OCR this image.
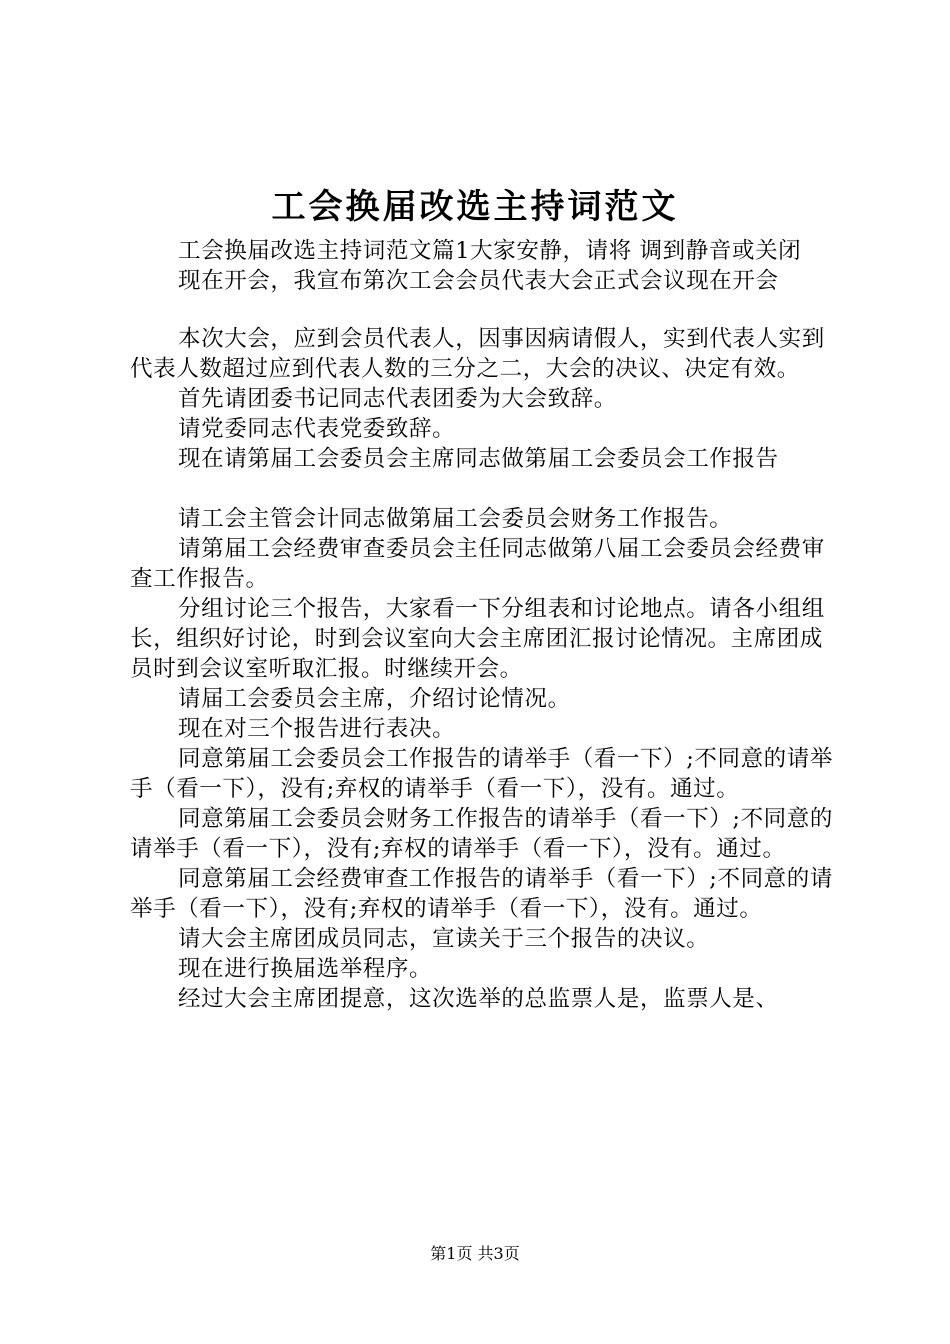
工会换届改选主持词范文

工会换届改选主持词范文篇1大家安静，请将 调到静音或关闭

现在开会，我宣布第次工会会员代表大会正式会议现在开会

本次大会，应到会员代表人，因事因病请假人，实到代表人实到代表人数超过应到代表人数的三分之二，大会的决议、决定有效。

首先请团委书记同志代表团委为大会致辞。

请党委同志代表党委致辞。

现在请第届工会委员会主席同志做第届工会委员会工作报告

请工会主管会计同志做第届工会委员会财务工作报告。

请第届工会经费审查委员会主任同志做第八届工会委员会经费审查工作报告。

分组讨论三个报告，大家看一下分组表和讨论地点。请各小组组长，组织好讨论，时到会议室向大会主席团汇报讨论情况。主席团成员时到会议室听取汇报。时继续开会。

请届工会委员会主席，介绍讨论情况。

现在对三个报告进行表决。

同意第届工会委员会工作报告的请举手（看一下）;不同意的请举手（看一下），没有;弃权的请举手（看一下），没有。通过。

同意第届工会委员会财务工作报告的请举手（看一下）;不同意的请举手（看一下），没有;弃权的请举手（看一下），没有。通过。

同意第届工会经费审查工作报告的请举手（看一下）;不同意的请举手（看一下），没有;弃权的请举手（看一下），没有。通过。

请大会主席团成员同志，宣读关于三个报告的决议。

现在进行换届选举程序。

经过大会主席团提意，这次选举的总监票人是，监票人是、

第1页 共3页
